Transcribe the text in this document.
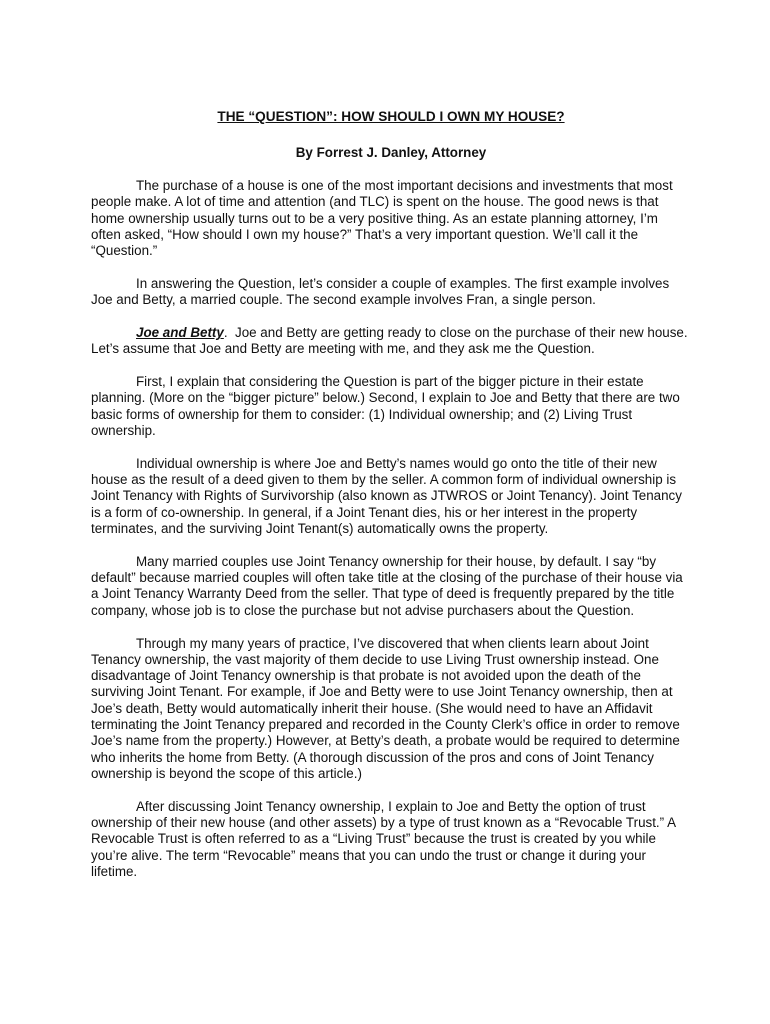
THE “QUESTION”: HOW SHOULD I OWN MY HOUSE?

By Forrest J. Danley, Attorney

The purchase of a house is one of the most important decisions and investments that most people make. A lot of time and attention (and TLC) is spent on the house. The good news is that home ownership usually turns out to be a very positive thing. As an estate planning attorney, I’m often asked, “How should I own my house?” That’s a very important question. We’ll call it the “Question.”

In answering the Question, let’s consider a couple of examples. The first example involves Joe and Betty, a married couple. The second example involves Fran, a single person.

Joe and Betty. Joe and Betty are getting ready to close on the purchase of their new house. Let’s assume that Joe and Betty are meeting with me, and they ask me the Question.

First, I explain that considering the Question is part of the bigger picture in their estate planning. (More on the “bigger picture” below.) Second, I explain to Joe and Betty that there are two basic forms of ownership for them to consider: (1) Individual ownership; and (2) Living Trust ownership.

Individual ownership is where Joe and Betty’s names would go onto the title of their new house as the result of a deed given to them by the seller. A common form of individual ownership is Joint Tenancy with Rights of Survivorship (also known as JTWROS or Joint Tenancy). Joint Tenancy is a form of co-ownership. In general, if a Joint Tenant dies, his or her interest in the property terminates, and the surviving Joint Tenant(s) automatically owns the property.

Many married couples use Joint Tenancy ownership for their house, by default. I say “by default” because married couples will often take title at the closing of the purchase of their house via a Joint Tenancy Warranty Deed from the seller. That type of deed is frequently prepared by the title company, whose job is to close the purchase but not advise purchasers about the Question.

Through my many years of practice, I’ve discovered that when clients learn about Joint Tenancy ownership, the vast majority of them decide to use Living Trust ownership instead. One disadvantage of Joint Tenancy ownership is that probate is not avoided upon the death of the surviving Joint Tenant. For example, if Joe and Betty were to use Joint Tenancy ownership, then at Joe’s death, Betty would automatically inherit their house. (She would need to have an Affidavit terminating the Joint Tenancy prepared and recorded in the County Clerk’s office in order to remove Joe’s name from the property.) However, at Betty’s death, a probate would be required to determine who inherits the home from Betty. (A thorough discussion of the pros and cons of Joint Tenancy ownership is beyond the scope of this article.)

After discussing Joint Tenancy ownership, I explain to Joe and Betty the option of trust ownership of their new house (and other assets) by a type of trust known as a “Revocable Trust.” A Revocable Trust is often referred to as a “Living Trust” because the trust is created by you while you’re alive. The term “Revocable” means that you can undo the trust or change it during your lifetime.
